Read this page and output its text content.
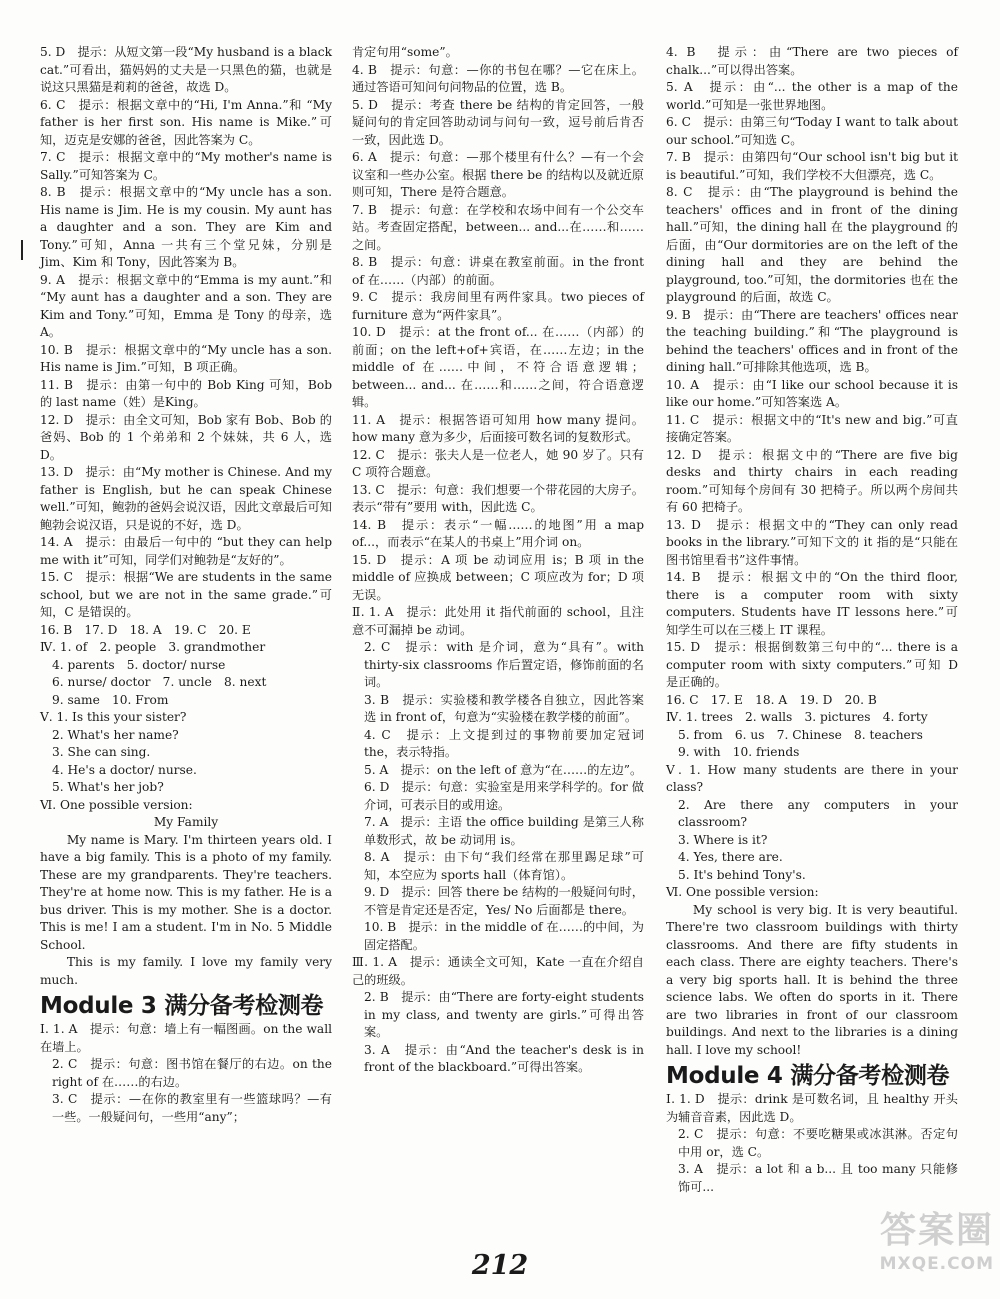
5. D　提示：从短文第一段“My husband is a black cat.”可看出，猫妈妈的丈夫是一只黑色的猫，也就是说这只黑猫是莉莉的爸爸，故选 D。

6. C　提示：根据文章中的“Hi, I'm Anna.”和 “My father is her first son. His name is Mike.”可知，迈克是安娜的爸爸，因此答案为 C。

7. C　提示：根据文章中的“My mother's name is Sally.”可知答案为 C。

8. B　提示：根据文章中的“My uncle has a son. His name is Jim. He is my cousin. My aunt has a daughter and a son. They are Kim and Tony.”可知，Anna 一共有三个堂兄妹，分别是 Jim、Kim 和 Tony，因此答案为 B。

9. A　提示：根据文章中的“Emma is my aunt.”和 “My aunt has a daughter and a son. They are Kim and Tony.”可知，Emma 是 Tony 的母亲，选 A。

10. B　提示：根据文章中的“My uncle has a son. His name is Jim.”可知，B 项正确。

11. B　提示：由第一句中的 Bob King 可知，Bob 的 last name（姓）是King。

12. D　提示：由全文可知，Bob 家有 Bob、Bob 的爸妈、Bob 的 1 个弟弟和 2 个妹妹，共 6 人，选 D。

13. D　提示：由“My mother is Chinese. And my father is English, but he can speak Chinese well.”可知，鲍勃的爸妈会说汉语，因此文章最后可知鲍勃会说汉语，只是说的不好，选 D。

14. A　提示：由最后一句中的 “but they can help me with it”可知，同学们对鲍勃是“友好的”。

15. C　提示：根据“We are students in the same school, but we are not in the same grade.”可知，C 是错误的。

16. B　17. D　18. A　19. C　20. E

Ⅳ. 1. of　2. people　3. grandmother

4. parents　5. doctor/ nurse

6. nurse/ doctor　7. uncle　8. next

9. same　10. From

Ⅴ. 1. Is this your sister?

2. What's her name?

3. She can sing.

4. He's a doctor/ nurse.

5. What's her job?

Ⅵ. One possible version:

My Family

My name is Mary. I'm thirteen years old. I have a big family. This is a photo of my family. These are my grandparents. They're teachers. They're at home now. This is my father. He is a bus driver. This is my mother. She is a doctor. This is me! I am a student. I'm in No. 5 Middle School.

This is my family. I love my family very much.

Module 3 满分备考检测卷

Ⅰ. 1. A　提示：句意：墙上有一幅图画。on the wall 在墙上。

2. C　提示：句意：图书馆在餐厅的右边。on the right of 在……的右边。

3. C　提示：—在你的教室里有一些篮球吗？—有一些。一般疑问句，一些用“any”；

肯定句用“some”。

4. B　提示：句意：—你的书包在哪？—它在床上。通过答语可知问句问物品的位置，选 B。

5. D　提示：考查 there be 结构的肯定回答，一般疑问句的肯定回答助动词与问句一致，逗号前后肯否一致，因此选 D。

6. A　提示：句意：—那个楼里有什么？—有一个会议室和一些办公室。根据 there be 的结构以及就近原则可知，There 是符合题意。

7. B　提示：句意：在学校和农场中间有一个公交车站。考查固定搭配，between... and...在……和……之间。

8. B　提示：句意：讲桌在教室前面。in the front of 在……（内部）的前面。

9. C　提示：我房间里有两件家具。two pieces of furniture 意为“两件家具”。

10. D　提示：at the front of... 在……（内部）的前面；on the left+of+宾语，在……左边；in the middle of 在……中间，不符合语意逻辑；between... and... 在……和……之间，符合语意逻辑。

11. A　提示：根据答语可知用 how many 提问。how many 意为多少，后面接可数名词的复数形式。

12. C　提示：张夫人是一位老人，她 90 岁了。只有 C 项符合题意。

13. C　提示：句意：我们想要一个带花园的大房子。表示“带有”要用 with，因此选 C。

14. B　提示：表示“一幅……的地图”用 a map of...，而表示“在某人的书桌上”用介词 on。

15. D　提示：A 项 be 动词应用 is；B 项 in the middle of 应换成 between；C 项应改为 for；D 项无误。

Ⅱ. 1. A　提示：此处用 it 指代前面的 school，且注意不可漏掉 be 动词。

2. C　提示：with 是介词，意为“具有”。with thirty-six classrooms 作后置定语，修饰前面的名词。

3. B　提示：实验楼和教学楼各自独立，因此答案选 in front of，句意为“实验楼在教学楼的前面”。

4. C　提示：上文提到过的事物前要加定冠词 the，表示特指。

5. A　提示：on the left of 意为“在……的左边”。

6. D　提示：句意：实验室是用来学科学的。for 做介词，可表示目的或用途。

7. A　提示：主语 the office building 是第三人称单数形式，故 be 动词用 is。

8. A　提示：由下句“我们经常在那里踢足球”可知，本空应为 sports hall（体育馆）。

9. D　提示：回答 there be 结构的一般疑问句时，不管是肯定还是否定，Yes/ No 后面都是 there。

10. B　提示：in the middle of 在……的中间，为固定搭配。

Ⅲ. 1. A　提示：通读全文可知，Kate 一直在介绍自己的班级。

2. B　提示：由“There are forty-eight students in my class, and twenty are girls.”可得出答案。

3. A　提示：由“And the teacher's desk is in front of the blackboard.”可得出答案。

4. B　提示：由“There are two pieces of chalk...”可以得出答案。

5. A　提示：由“... the other is a map of the world.”可知是一张世界地图。

6. C　提示：由第三句“Today I want to talk about our school.”可知选 C。

7. B　提示：由第四句“Our school isn't big but it is beautiful.”可知，我们学校不大但漂亮，选 C。

8. C　提示：由“The playground is behind the teachers' offices and in front of the dining hall.”可知，the dining hall 在 the playground 的后面，由“Our dormitories are on the left of the dining hall and they are behind the playground, too.”可知，the dormitories 也在 the playground 的后面，故选 C。

9. B　提示：由“There are teachers' offices near the teaching building.”和“The playground is behind the teachers' offices and in front of the dining hall.”可排除其他选项，选 B。

10. A　提示：由“I like our school because it is like our home.”可知答案选 A。

11. C　提示：根据文中的“It's new and big.”可直接确定答案。

12. D　提示：根据文中的“There are five big desks and thirty chairs in each reading room.”可知每个房间有 30 把椅子。所以两个房间共有 60 把椅子。

13. D　提示：根据文中的“They can only read books in the library.”可知下文的 it 指的是“只能在图书馆里看书”这件事情。

14. B　提示：根据文中的“On the third floor, there is a computer room with sixty computers. Students have IT lessons here.”可知学生可以在三楼上 IT 课程。

15. D　提示：根据倒数第三句中的“... there is a computer room with sixty computers.”可知 D 是正确的。

16. C　17. E　18. A　19. D　20. B

Ⅳ. 1. trees　2. walls　3. pictures　4. forty

5. from　6. us　7. Chinese　8. teachers

9. with　10. friends

Ⅴ. 1. How many students are there in your class?

2. Are there any computers in your classroom?

3. Where is it?

4. Yes, there are.

5. It's behind Tony's.

Ⅵ. One possible version:

My school is very big. It is very beautiful. There're two classroom buildings with thirty classrooms. And there are fifty students in each class. There are eighty teachers. There's a very big sports hall. It is behind the three science labs. We often do sports in it. There are two libraries in front of our classroom buildings. And next to the libraries is a dining hall. I love my school!

Module 4 满分备考检测卷

Ⅰ. 1. D　提示：drink 是可数名词，且 healthy 开头为辅音音素，因此选 D。

2. C　提示：句意：不要吃糖果或冰淇淋。否定句中用 or，选 C。

3. A　提示：a lot 和 a b... 且 too many 只能修饰可...

212
答案圈
MXQE.COM
